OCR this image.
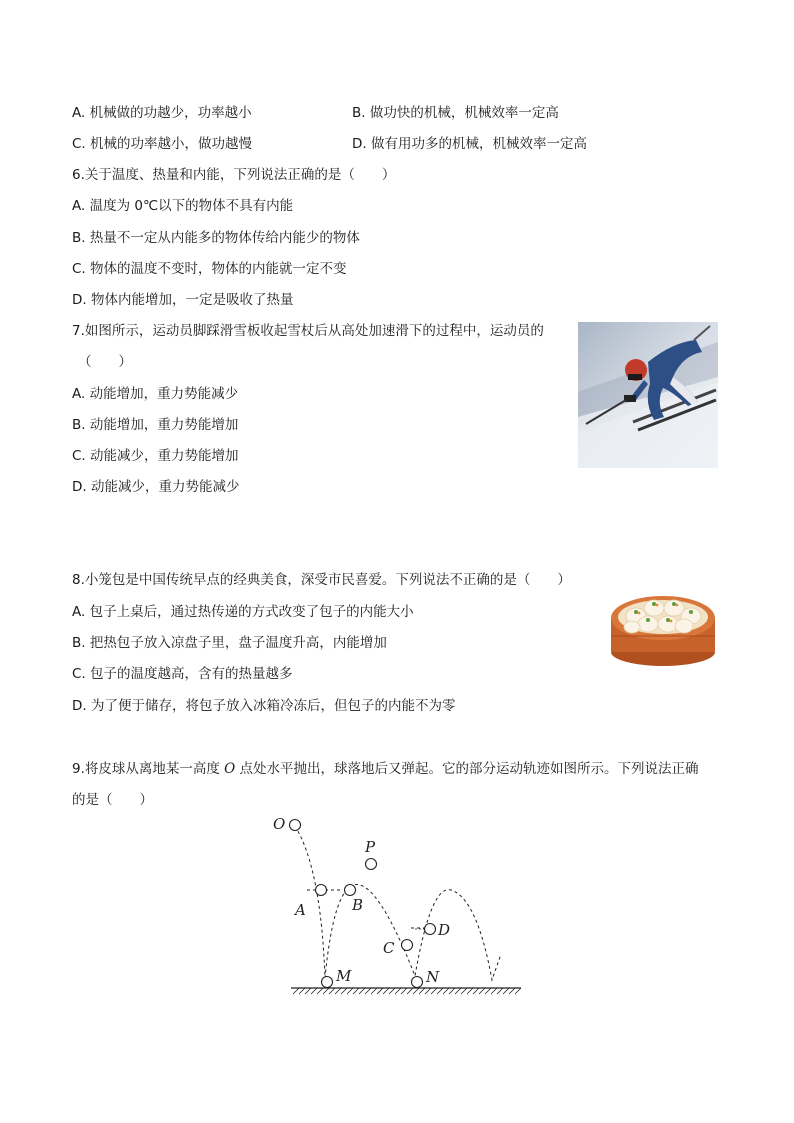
A. 机械做的功越少，功率越小	B. 做功快的机械，机械效率一定高
C. 机械的功率越小，做功越慢	D. 做有用功多的机械，机械效率一定高
6.关于温度、热量和内能，下列说法正确的是（　　）
A. 温度为 0℃以下的物体不具有内能
B. 热量不一定从内能多的物体传给内能少的物体
C. 物体的温度不变时，物体的内能就一定不变
D. 物体内能增加，一定是吸收了热量
7.如图所示，运动员脚踩滑雪板收起雪杖后从高处加速滑下的过程中，运动员的
（　　）
A. 动能增加，重力势能减少
B. 动能增加，重力势能增加
C. 动能减少，重力势能增加
D. 动能减少，重力势能减少
8.小笼包是中国传统早点的经典美食，深受市民喜爱。下列说法不正确的是（　　）
A. 包子上桌后，通过热传递的方式改变了包子的内能大小
B. 把热包子放入凉盘子里，盘子温度升高，内能增加
C. 包子的温度越高，含有的热量越多
D. 为了便于储存，将包子放入冰箱冷冻后，但包子的内能不为零
9.将皮球从离地某一高度 O 点处水平抛出，球落地后又弹起。它的部分运动轨迹如图所示。下列说法正确
的是（　　）
O
P
A	B
C
D
M	N
